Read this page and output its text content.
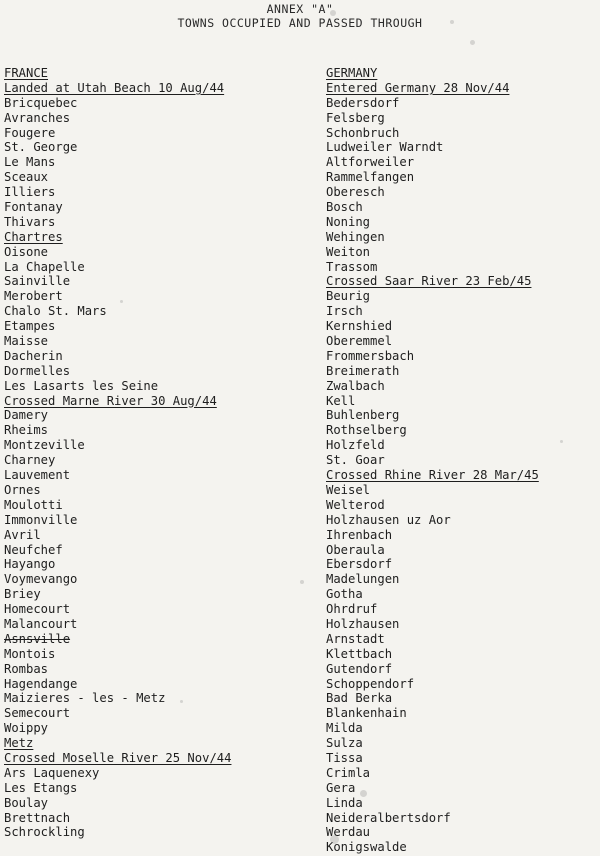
ANNEX "A"
TOWNS OCCUPIED AND PASSED THROUGH
FRANCE
Landed at Utah Beach 10 Aug/44
Bricquebec
Avranches
Fougere
St. George
Le Mans
Sceaux
Illiers
Fontanay
Thivars
Chartres
Oisone
La Chapelle
Sainville
Merobert
Chalo St. Mars
Etampes
Maisse
Dacherin
Dormelles
Les Lasarts les Seine
Crossed Marne River 30 Aug/44
Damery
Rheims
Montzeville
Charney
Lauvement
Ornes
Moulotti
Immonville
Avril
Neufchef
Hayango
Voymevango
Briey
Homecourt
Malancourt
Asnsville
Montois
Rombas
Hagendange
Maizieres - les - Metz
Semecourt
Woippy
Metz
Crossed Moselle River 25 Nov/44
Ars Laquenexy
Les Etangs
Boulay
Brettnach
Schrockling
GERMANY
Entered Germany 28 Nov/44
Bedersdorf
Felsberg
Schonbruch
Ludweiler Warndt
Altforweiler
Rammelfangen
Oberesch
Bosch
Noning
Wehingen
Weiton
Trassom
Crossed Saar River 23 Feb/45
Beurig
Irsch
Kernshied
Oberemmel
Frommersbach
Breimerath
Zwalbach
Kell
Buhlenberg
Rothselberg
Holzfeld
St. Goar
Crossed Rhine River 28 Mar/45
Weisel
Welterod
Holzhausen uz Aor
Ihrenbach
Oberaula
Ebersdorf
Madelungen
Gotha
Ohrdruf
Holzhausen
Arnstadt
Klettbach
Gutendorf
Schoppendorf
Bad Berka
Blankenhain
Milda
Sulza
Tissa
Crimla
Gera
Linda
Neideralbertsdorf
Werdau
Konigswalde
